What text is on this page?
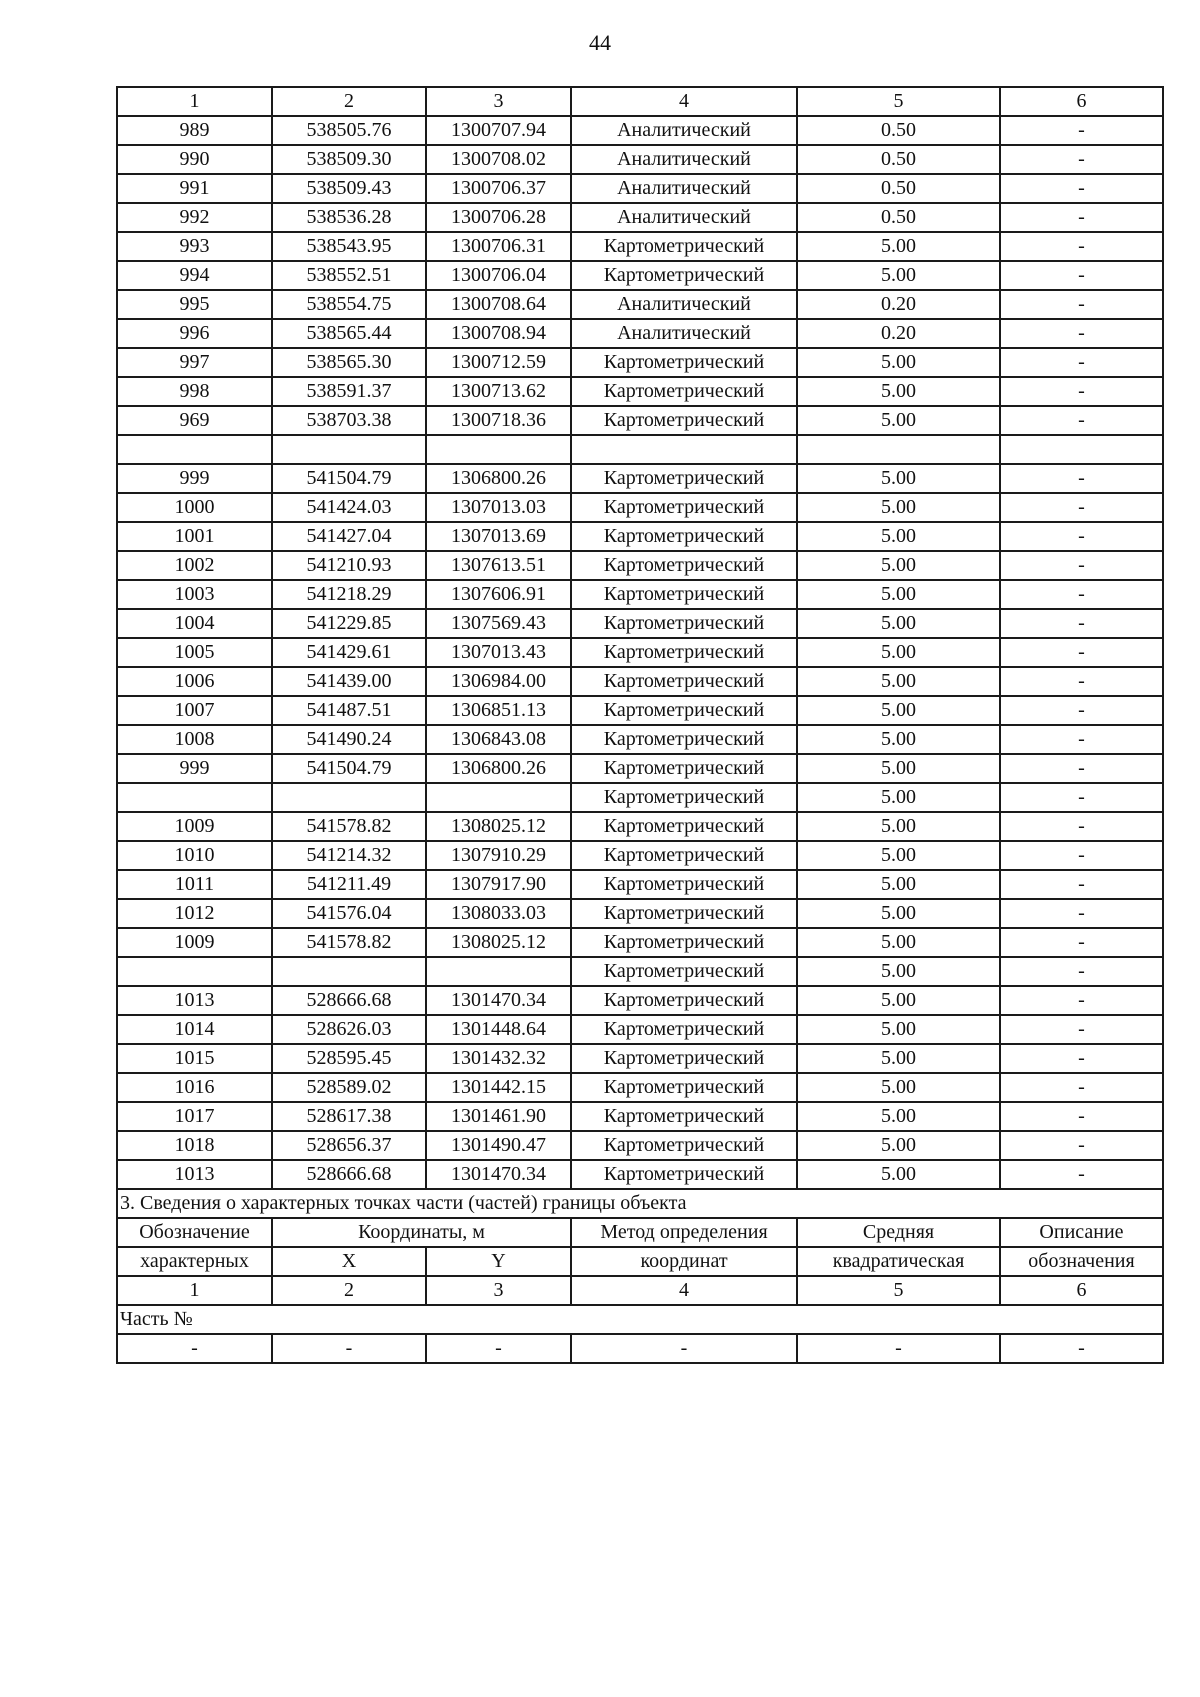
44
1	2	3	4	5	6
989	538505.76	1300707.94	Аналитический	0.50	-
990	538509.30	1300708.02	Аналитический	0.50	-
991	538509.43	1300706.37	Аналитический	0.50	-
992	538536.28	1300706.28	Аналитический	0.50	-
993	538543.95	1300706.31	Картометрический	5.00	-
994	538552.51	1300706.04	Картометрический	5.00	-
995	538554.75	1300708.64	Аналитический	0.20	-
996	538565.44	1300708.94	Аналитический	0.20	-
997	538565.30	1300712.59	Картометрический	5.00	-
998	538591.37	1300713.62	Картометрический	5.00	-
969	538703.38	1300718.36	Картометрический	5.00	-

999	541504.79	1306800.26	Картометрический	5.00	-
1000	541424.03	1307013.03	Картометрический	5.00	-
1001	541427.04	1307013.69	Картометрический	5.00	-
1002	541210.93	1307613.51	Картометрический	5.00	-
1003	541218.29	1307606.91	Картометрический	5.00	-
1004	541229.85	1307569.43	Картометрический	5.00	-
1005	541429.61	1307013.43	Картометрический	5.00	-
1006	541439.00	1306984.00	Картометрический	5.00	-
1007	541487.51	1306851.13	Картометрический	5.00	-
1008	541490.24	1306843.08	Картометрический	5.00	-
999	541504.79	1306800.26	Картометрический	5.00	-
			Картометрический	5.00	-
1009	541578.82	1308025.12	Картометрический	5.00	-
1010	541214.32	1307910.29	Картометрический	5.00	-
1011	541211.49	1307917.90	Картометрический	5.00	-
1012	541576.04	1308033.03	Картометрический	5.00	-
1009	541578.82	1308025.12	Картометрический	5.00	-
			Картометрический	5.00	-
1013	528666.68	1301470.34	Картометрический	5.00	-
1014	528626.03	1301448.64	Картометрический	5.00	-
1015	528595.45	1301432.32	Картометрический	5.00	-
1016	528589.02	1301442.15	Картометрический	5.00	-
1017	528617.38	1301461.90	Картометрический	5.00	-
1018	528656.37	1301490.47	Картометрический	5.00	-
1013	528666.68	1301470.34	Картометрический	5.00	-
3. Сведения о характерных точках части (частей) границы объекта					
Обозначение	Координаты, м		Метод определения	Средняя	Описание
характерных	X	Y	координат	квадратическая	обозначения
1	2	3	4	5	6
Часть №					
-	-	-	-	-	-
